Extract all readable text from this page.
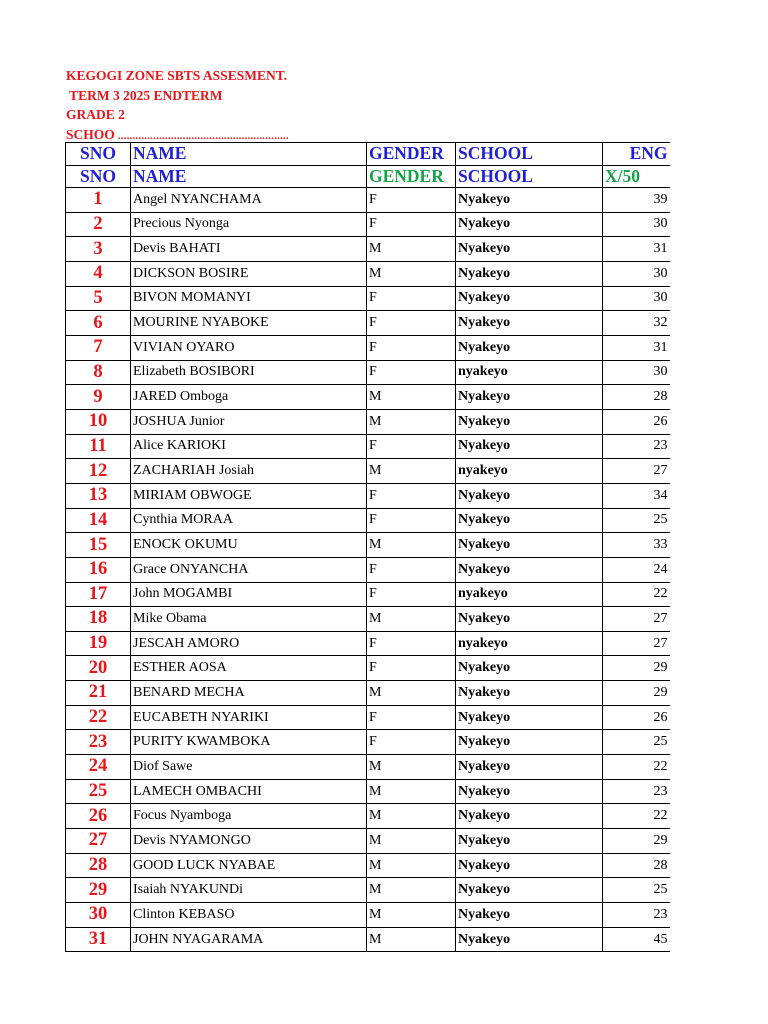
KEGOGI ZONE SBTS ASSESMENT.
TERM 3 2025 ENDTERM
GRADE 2
SCHOO ..........................................................
SNO	NAME	GENDER	SCHOOL	ENG
SNO	NAME	GENDER	SCHOOL	X/50
1	Angel NYANCHAMA	F	Nyakeyo	39
2	Precious Nyonga	F	Nyakeyo	30
3	Devis BAHATI	M	Nyakeyo	31
4	DICKSON BOSIRE	M	Nyakeyo	30
5	BIVON MOMANYI	F	Nyakeyo	30
6	MOURINE NYABOKE	F	Nyakeyo	32
7	VIVIAN OYARO	F	Nyakeyo	31
8	Elizabeth BOSIBORI	F	nyakeyo	30
9	JARED Omboga	M	Nyakeyo	28
10	JOSHUA Junior	M	Nyakeyo	26
11	Alice KARIOKI	F	Nyakeyo	23
12	ZACHARIAH Josiah	M	nyakeyo	27
13	MIRIAM OBWOGE	F	Nyakeyo	34
14	Cynthia MORAA	F	Nyakeyo	25
15	ENOCK OKUMU	M	Nyakeyo	33
16	Grace ONYANCHA	F	Nyakeyo	24
17	John MOGAMBI	F	nyakeyo	22
18	Mike Obama	M	Nyakeyo	27
19	JESCAH AMORO	F	nyakeyo	27
20	ESTHER AOSA	F	Nyakeyo	29
21	BENARD MECHA	M	Nyakeyo	29
22	EUCABETH NYARIKI	F	Nyakeyo	26
23	PURITY KWAMBOKA	F	Nyakeyo	25
24	Diof Sawe	M	Nyakeyo	22
25	LAMECH OMBACHI	M	Nyakeyo	23
26	Focus Nyamboga	M	Nyakeyo	22
27	Devis NYAMONGO	M	Nyakeyo	29
28	GOOD LUCK NYABAE	M	Nyakeyo	28
29	Isaiah NYAKUNDi	M	Nyakeyo	25
30	Clinton KEBASO	M	Nyakeyo	23
31	JOHN NYAGARAMA	M	Nyakeyo	45
